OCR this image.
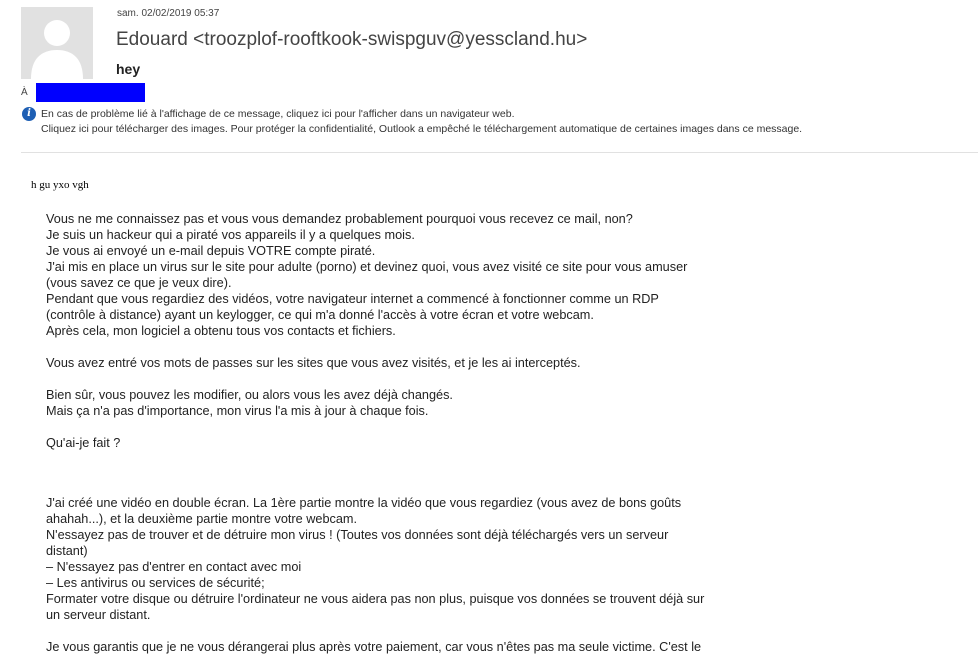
sam. 02/02/2019 05:37
Edouard <troozplof-rooftkook-swispguv@yesscland.hu>
hey
À
i En cas de problème lié à l'affichage de ce message, cliquez ici pour l'afficher dans un navigateur web.
Cliquez ici pour télécharger des images. Pour protéger la confidentialité, Outlook a empêché le téléchargement automatique de certaines images dans ce message.
h gu yxo vgh

Vous ne me connaissez pas et vous vous demandez probablement pourquoi vous recevez ce mail, non?
Je suis un hackeur qui a piraté vos appareils il y a quelques mois.
Je vous ai envoyé un e-mail depuis VOTRE compte piraté.
J'ai mis en place un virus sur le site pour adulte (porno) et devinez quoi, vous avez visité ce site pour vous amuser
(vous savez ce que je veux dire).
Pendant que vous regardiez des vidéos, votre navigateur internet a commencé à fonctionner comme un RDP
(contrôle à distance) ayant un keylogger, ce qui m'a donné l'accès à votre écran et votre webcam.
Après cela, mon logiciel a obtenu tous vos contacts et fichiers.

Vous avez entré vos mots de passes sur les sites que vous avez visités, et je les ai interceptés.

Bien sûr, vous pouvez les modifier, ou alors vous les avez déjà changés.
Mais ça n'a pas d'importance, mon virus l'a mis à jour à chaque fois.

Qu'ai-je fait ?

J'ai créé une vidéo en double écran. La 1ère partie montre la vidéo que vous regardiez (vous avez de bons goûts
ahahah...), et la deuxième partie montre votre webcam.
N'essayez pas de trouver et de détruire mon virus ! (Toutes vos données sont déjà téléchargés vers un serveur
distant)
– N'essayez pas d'entrer en contact avec moi
– Les antivirus ou services de sécurité;
Formater votre disque ou détruire l'ordinateur ne vous aidera pas non plus, puisque vos données se trouvent déjà sur
un serveur distant.

Je vous garantis que je ne vous dérangerai plus après votre paiement, car vous n'êtes pas ma seule victime. C'est le
